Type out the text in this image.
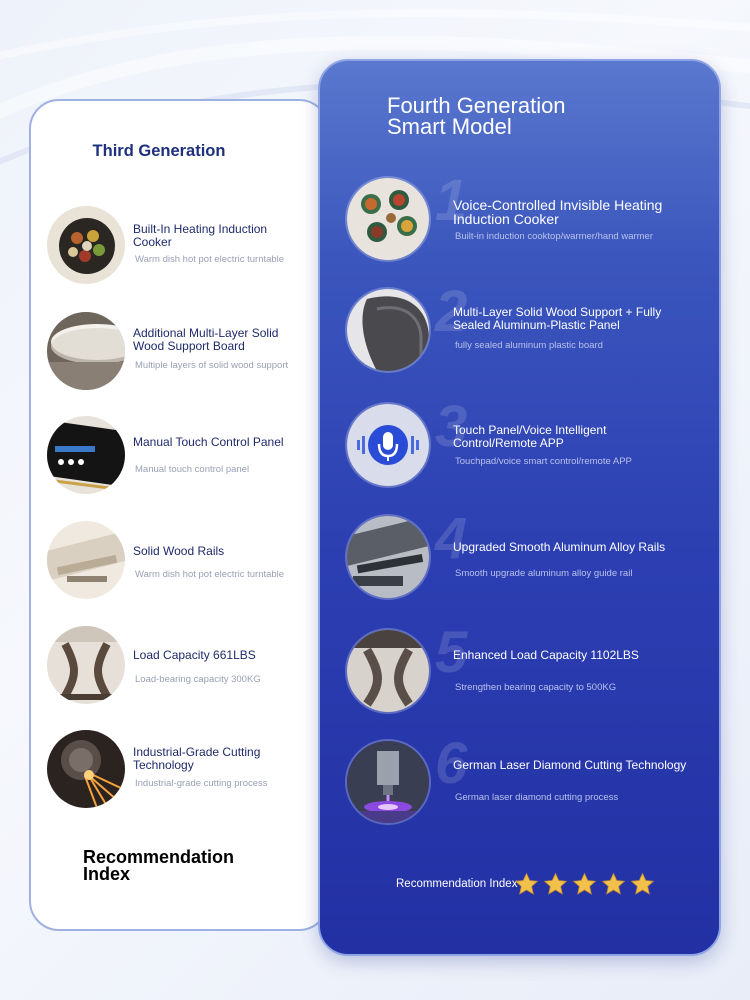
Third Generation
Built-In Heating Induction Cooker
Warm dish hot pot electric turntable
Additional Multi-Layer Solid Wood Support Board
Multiple layers of solid wood support
Manual Touch Control Panel
Manual touch control panel
Solid Wood Rails
Warm dish hot pot electric turntable
Load Capacity 661LBS
Load-bearing capacity 300KG
Industrial-Grade Cutting Technology
Industrial-grade cutting process
Recommendation Index
Fourth Generation
Smart Model
1
Voice-Controlled Invisible Heating Induction Cooker
Built-in induction cooktop/warmer/hand warmer
2
Multi-Layer Solid Wood Support + Fully Sealed Aluminum-Plastic Panel
fully sealed aluminum plastic board
3
Touch Panel/Voice Intelligent Control/Remote APP
Touchpad/voice smart control/remote APP
4
Upgraded Smooth Aluminum Alloy Rails
Smooth upgrade aluminum alloy guide rail
5
Enhanced Load Capacity 1102LBS
Strengthen bearing capacity to 500KG
6
German Laser Diamond Cutting Technology
German laser diamond cutting process
Recommendation Index
